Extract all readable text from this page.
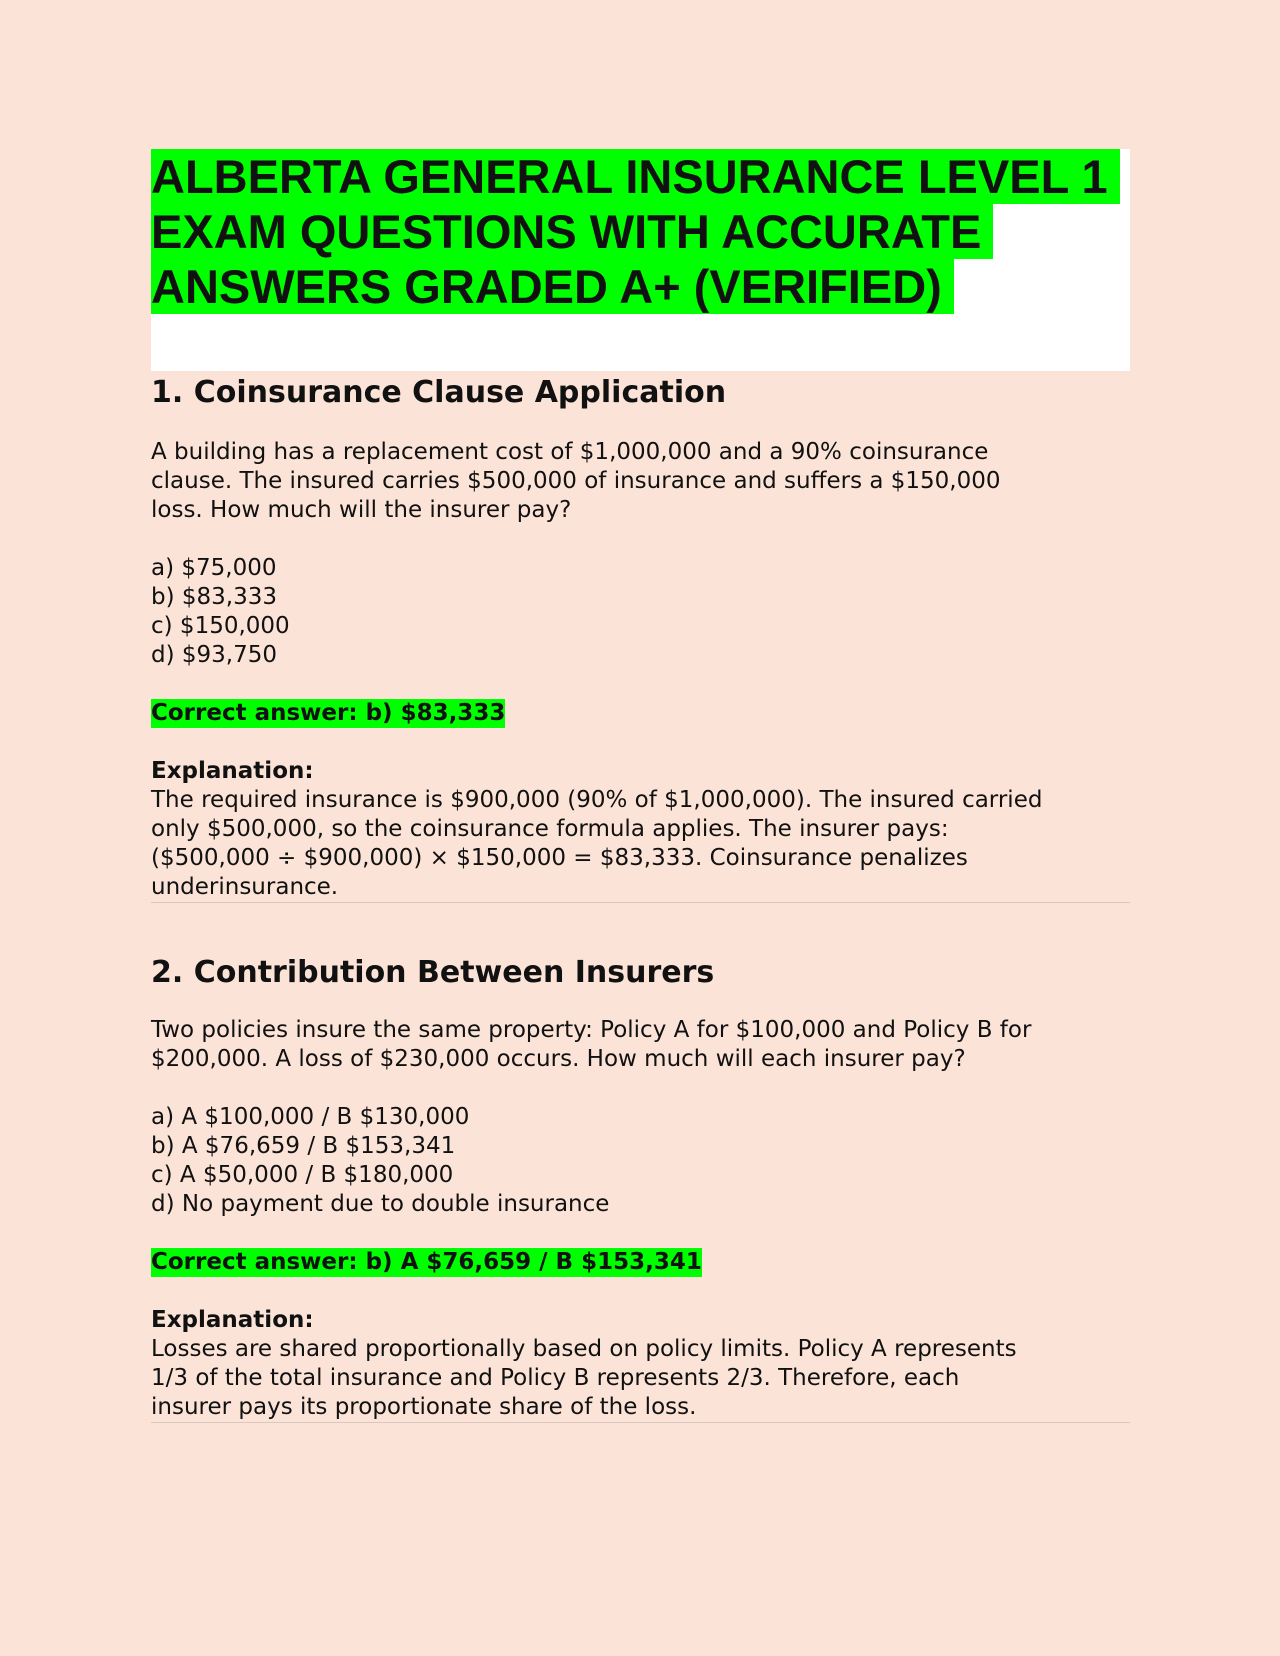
ALBERTA GENERAL INSURANCE LEVEL 1
EXAM QUESTIONS WITH ACCURATE
ANSWERS GRADED A+ (VERIFIED)
1. Coinsurance Clause Application

A building has a replacement cost of $1,000,000 and a 90% coinsurance
clause. The insured carries $500,000 of insurance and suffers a $150,000
loss. How much will the insurer pay?

a) $75,000
b) $83,333
c) $150,000
d) $93,750
Correct answer: b) $83,333

Explanation:

The required insurance is $900,000 (90% of $1,000,000). The insured carried
only $500,000, so the coinsurance formula applies. The insurer pays:
($500,000 ÷ $900,000) × $150,000 = $83,333. Coinsurance penalizes
underinsurance.

2. Contribution Between Insurers

Two policies insure the same property: Policy A for $100,000 and Policy B for
$200,000. A loss of $230,000 occurs. How much will each insurer pay?

a) A $100,000 / B $130,000
b) A $76,659 / B $153,341
c) A $50,000 / B $180,000
d) No payment due to double insurance
Correct answer: b) A $76,659 / B $153,341

Explanation:

Losses are shared proportionally based on policy limits. Policy A represents
1/3 of the total insurance and Policy B represents 2/3. Therefore, each
insurer pays its proportionate share of the loss.
